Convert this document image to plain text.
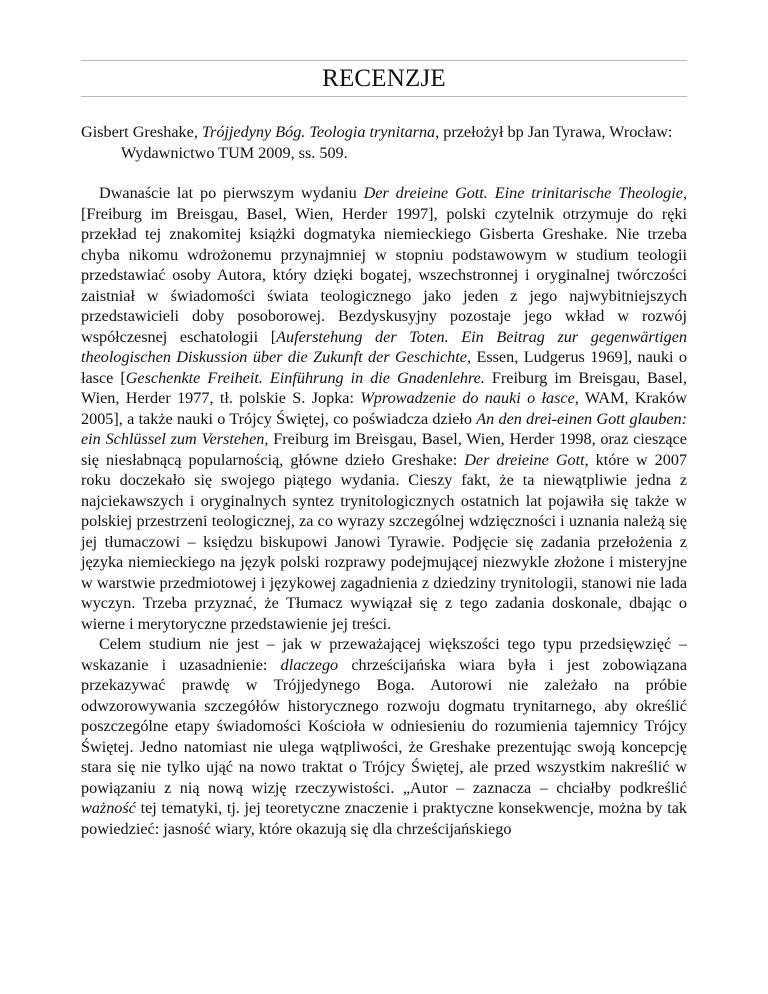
RECENZJE
Gisbert Greshake, Trójjedyny Bóg. Teologia trynitarna, przełożył bp Jan Tyrawa, Wrocław: Wydawnictwo TUM 2009, ss. 509.

Dwanaście lat po pierwszym wydaniu Der dreieine Gott. Eine trinitarische Theologie, [Freiburg im Breisgau, Basel, Wien, Herder 1997], polski czytelnik otrzymuje do ręki przekład tej znakomitej książki dogmatyka niemieckiego Gisberta Greshake. Nie trzeba chyba nikomu wdrożonemu przynajmniej w stopniu podstawowym w studium teologii przedstawiać osoby Autora, który dzięki bogatej, wszechstronnej i oryginalnej twórczości zaistniał w świadomości świata teologicznego jako jeden z jego najwybitniejszych przedstawicieli doby posoborowej. Bezdyskusyjny pozostaje jego wkład w rozwój współczesnej eschatologii [Auferstehung der Toten. Ein Beitrag zur gegenwärtigen theologischen Diskussion über die Zukunft der Geschichte, Essen, Ludgerus 1969], nauki o łasce [Geschenkte Freiheit. Einführung in die Gnadenlehre. Freiburg im Breisgau, Basel, Wien, Herder 1977, tł. polskie S. Jopka: Wprowadzenie do nauki o łasce, WAM, Kraków 2005], a także nauki o Trójcy Świętej, co poświadcza dzieło An den drei-einen Gott glauben: ein Schlüssel zum Verstehen, Freiburg im Breisgau, Basel, Wien, Herder 1998, oraz cieszące się niesłabnącą popularnością, główne dzieło Greshake: Der dreieine Gott, które w 2007 roku doczekało się swojego piątego wydania. Cieszy fakt, że ta niewątpliwie jedna z najciekawszych i oryginalnych syntez trynitologicznych ostatnich lat pojawiła się także w polskiej przestrzeni teologicznej, za co wyrazy szczególnej wdzięczności i uznania należą się jej tłumaczowi – księdzu biskupowi Janowi Tyrawie. Podjęcie się zadania przełożenia z języka niemieckiego na język polski rozprawy podejmującej niezwykle złożone i misteryjne w warstwie przedmiotowej i językowej zagadnienia z dziedziny trynitologii, stanowi nie lada wyczyn. Trzeba przyznać, że Tłumacz wywiązał się z tego zadania doskonale, dbając o wierne i merytoryczne przedstawienie jej treści.

Celem studium nie jest – jak w przeważającej większości tego typu przedsięwzięć – wskazanie i uzasadnienie: dlaczego chrześcijańska wiara była i jest zobowiązana przekazywać prawdę w Trójjedynego Boga. Autorowi nie zależało na próbie odwzorowywania szczegółów historycznego rozwoju dogmatu trynitarnego, aby określić poszczególne etapy świadomości Kościoła w odniesieniu do rozumienia tajemnicy Trójcy Świętej. Jedno natomiast nie ulega wątpliwości, że Greshake prezentując swoją koncepcję stara się nie tylko ująć na nowo traktat o Trójcy Świętej, ale przed wszystkim nakreślić w powiązaniu z nią nową wizję rzeczywistości. „Autor – zaznacza – chciałby podkreślić ważność tej tematyki, tj. jej teoretyczne znaczenie i praktyczne konsekwencje, można by tak powiedzieć: jasność wiary, które okazują się dla chrześcijańskiego
